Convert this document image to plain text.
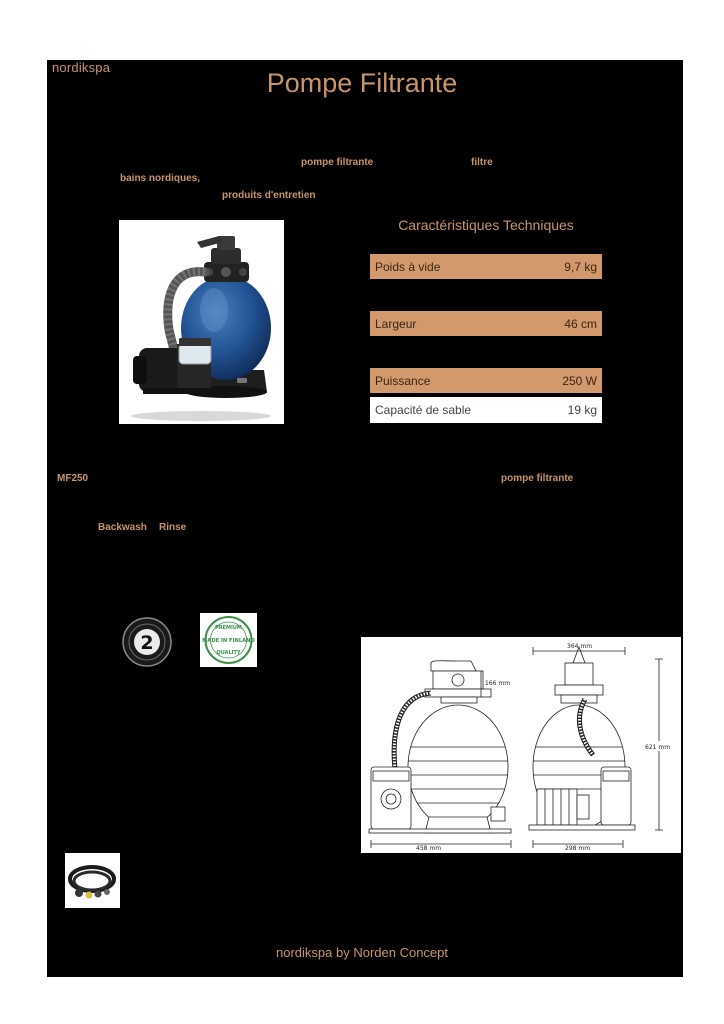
nordikspa
Pompe Filtrante
pompe filtrante	filtre
bains nordiques,
produits d'entretien
Caractéristiques Techniques
Poids à vide	9,7 kg
Largeur	46 cm
Puissance	250 W
Capacité de sable	19 kg
MF250	pompe filtrante
Backwash Rinse
2
PREMIUM
MADE IN FINLAND
QUALITY
458 mm
166 mm
364 mm
298 mm
621 mm
nordikspa by Norden Concept
